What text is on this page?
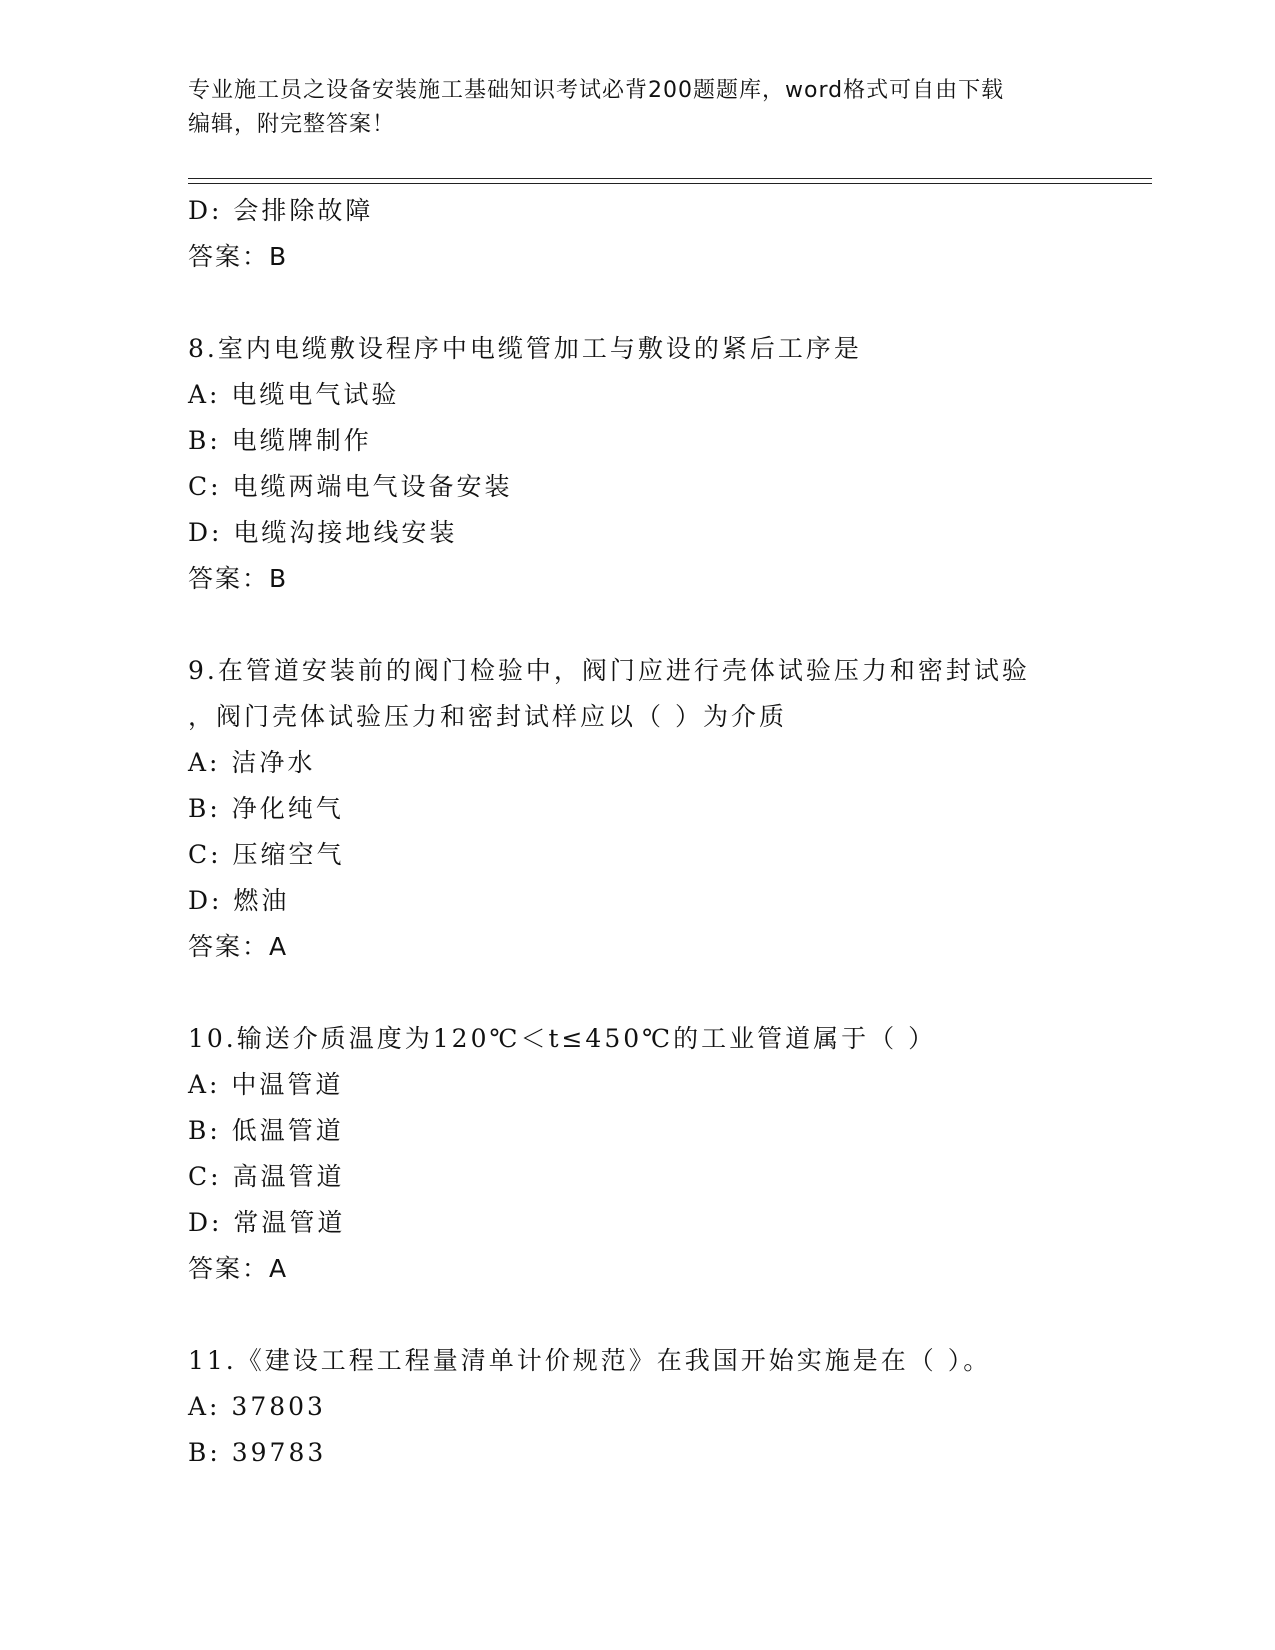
专业施工员之设备安装施工基础知识考试必背200题题库，word格式可自由下载
编辑，附完整答案！
D: 会排除故障
答案：B
8.室内电缆敷设程序中电缆管加工与敷设的紧后工序是
A: 电缆电气试验
B: 电缆牌制作
C: 电缆两端电气设备安装
D: 电缆沟接地线安装
答案：B
9.在管道安装前的阀门检验中，阀门应进行壳体试验压力和密封试验
，阀门壳体试验压力和密封试样应以（ ）为介质
A: 洁净水
B: 净化纯气
C: 压缩空气
D: 燃油
答案：A
10.输送介质温度为120℃＜t≤450℃的工业管道属于（ ）
A: 中温管道
B: 低温管道
C: 高温管道
D: 常温管道
答案：A
11.《建设工程工程量清单计价规范》在我国开始实施是在（ ）。
A: 37803
B: 39783
